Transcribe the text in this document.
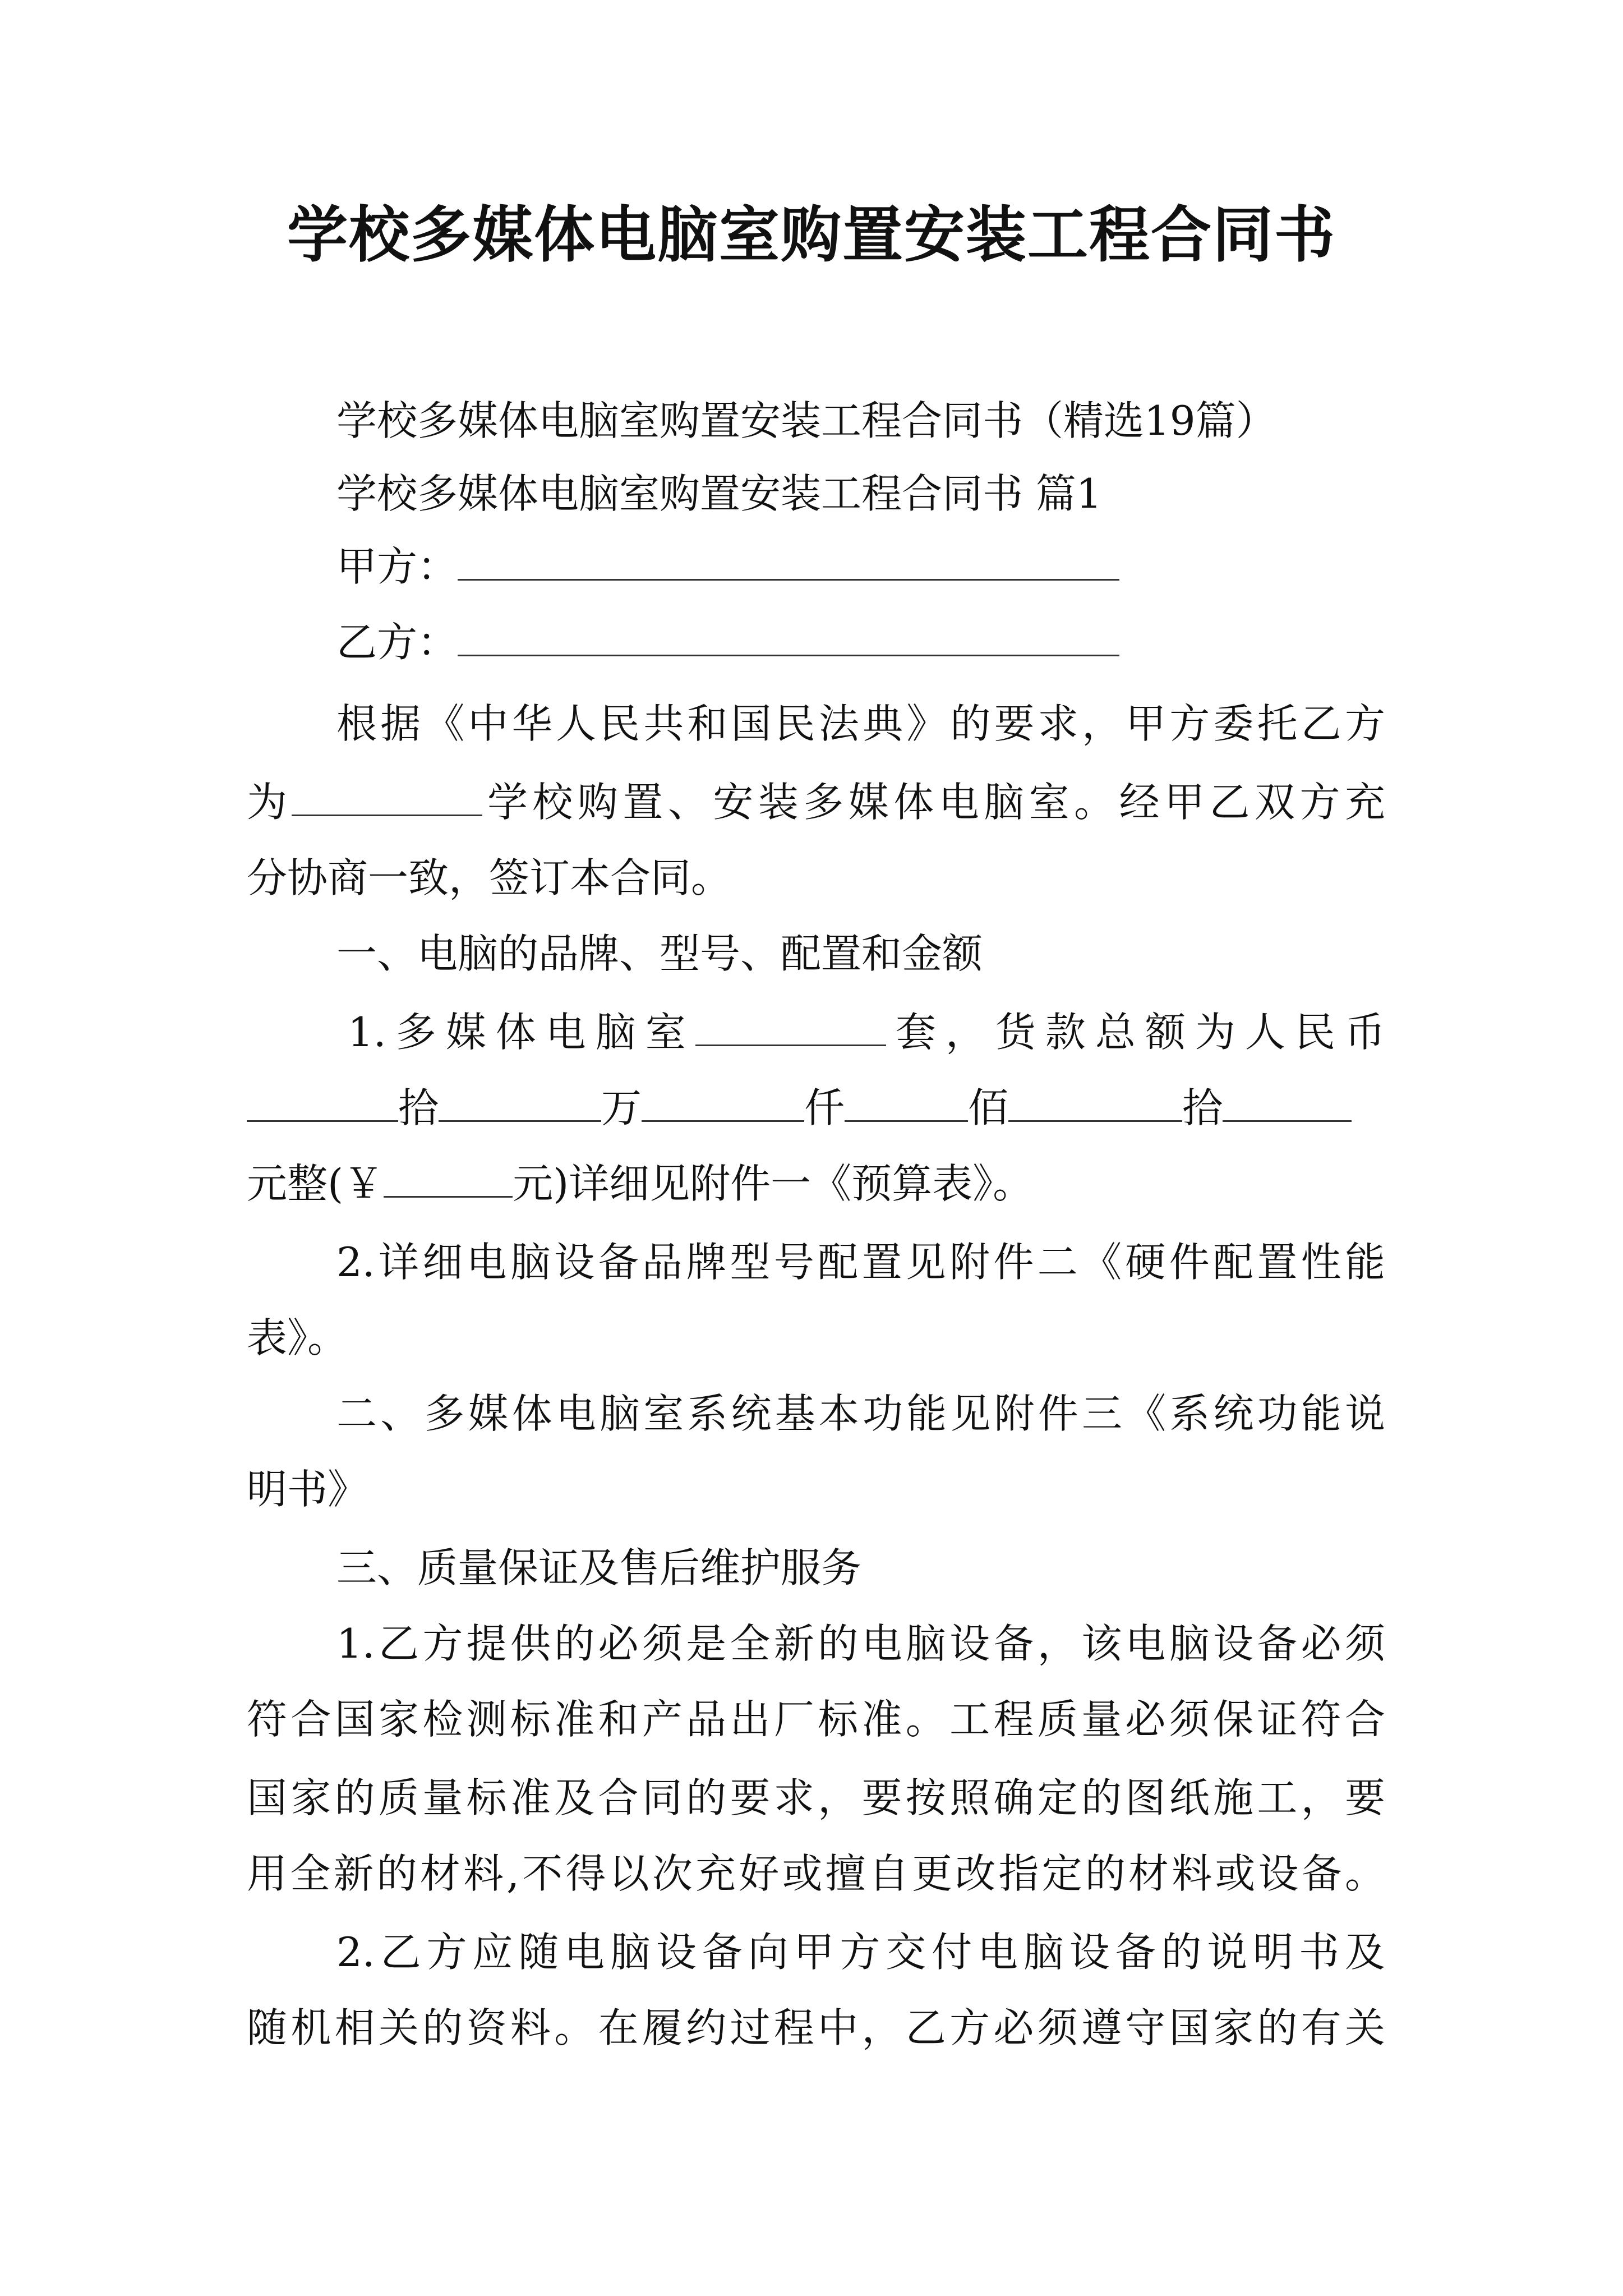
学校多媒体电脑室购置安装工程合同书
学校多媒体电脑室购置安装工程合同书（精选19篇）
学校多媒体电脑室购置安装工程合同书 篇1
甲方：
乙方：
根据《中华人民共和国民法典》的要求，甲方委托乙方
为	学校购置、安装多媒体电脑室。经甲乙双方充
分协商一致，签订本合同。
一、电脑的品牌、型号、配置和金额
1.多媒体电脑室	套，货款总额为人民币
拾	万	仟	佰	拾
元整(￥	元)详细见附件一《预算表》。
2.详细电脑设备品牌型号配置见附件二《硬件配置性能
表》。
二、多媒体电脑室系统基本功能见附件三《系统功能说
明书》
三、质量保证及售后维护服务
1.乙方提供的必须是全新的电脑设备，该电脑设备必须
符合国家检测标准和产品出厂标准。工程质量必须保证符合
国家的质量标准及合同的要求，要按照确定的图纸施工，要
用全新的材料,不得以次充好或擅自更改指定的材料或设备。
2.乙方应随电脑设备向甲方交付电脑设备的说明书及
随机相关的资料。在履约过程中，乙方必须遵守国家的有关
